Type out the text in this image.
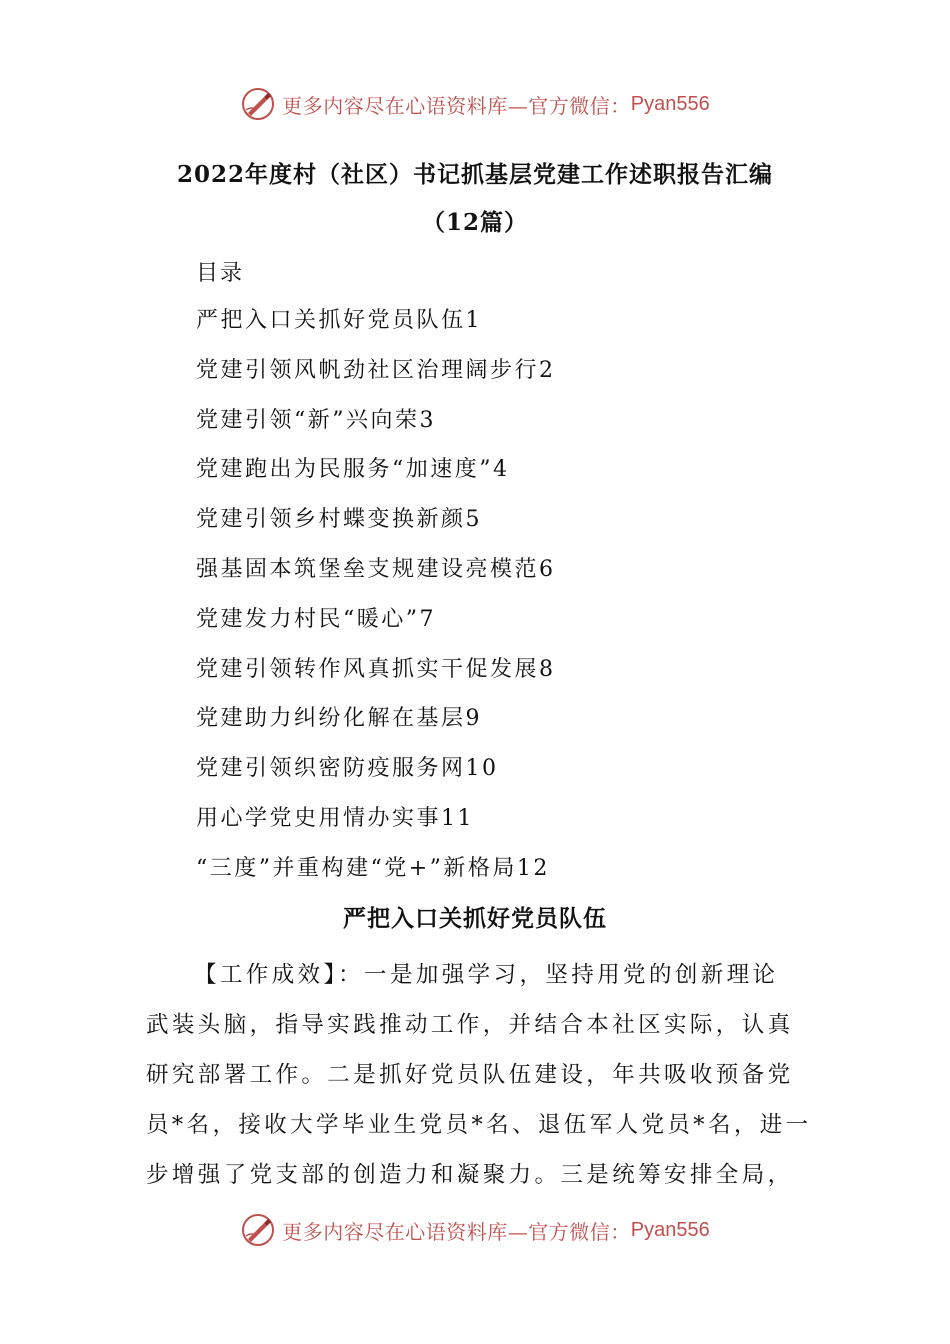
更多内容尽在心语资料库—官方微信： Pyan556
2022年度村（社区）书记抓基层党建工作述职报告汇编
（12篇）
目录
严把入口关抓好党员队伍1
党建引领风帆劲社区治理阔步行2
党建引领“新”兴向荣3
党建跑出为民服务“加速度”4
党建引领乡村蝶变换新颜5
强基固本筑堡垒支规建设亮模范6
党建发力村民“暖心”7
党建引领转作风真抓实干促发展8
党建助力纠纷化解在基层9
党建引领织密防疫服务网10
用心学党史用情办实事11
“三度”并重构建“党+”新格局12
严把入口关抓好党员队伍
【工作成效】：一是加强学习，坚持用党的创新理论
武装头脑，指导实践推动工作，并结合本社区实际，认真
研究部署工作。二是抓好党员队伍建设，年共吸收预备党
员*名，接收大学毕业生党员*名、退伍军人党员*名，进一
步增强了党支部的创造力和凝聚力。三是统筹安排全局，
更多内容尽在心语资料库—官方微信： Pyan556
